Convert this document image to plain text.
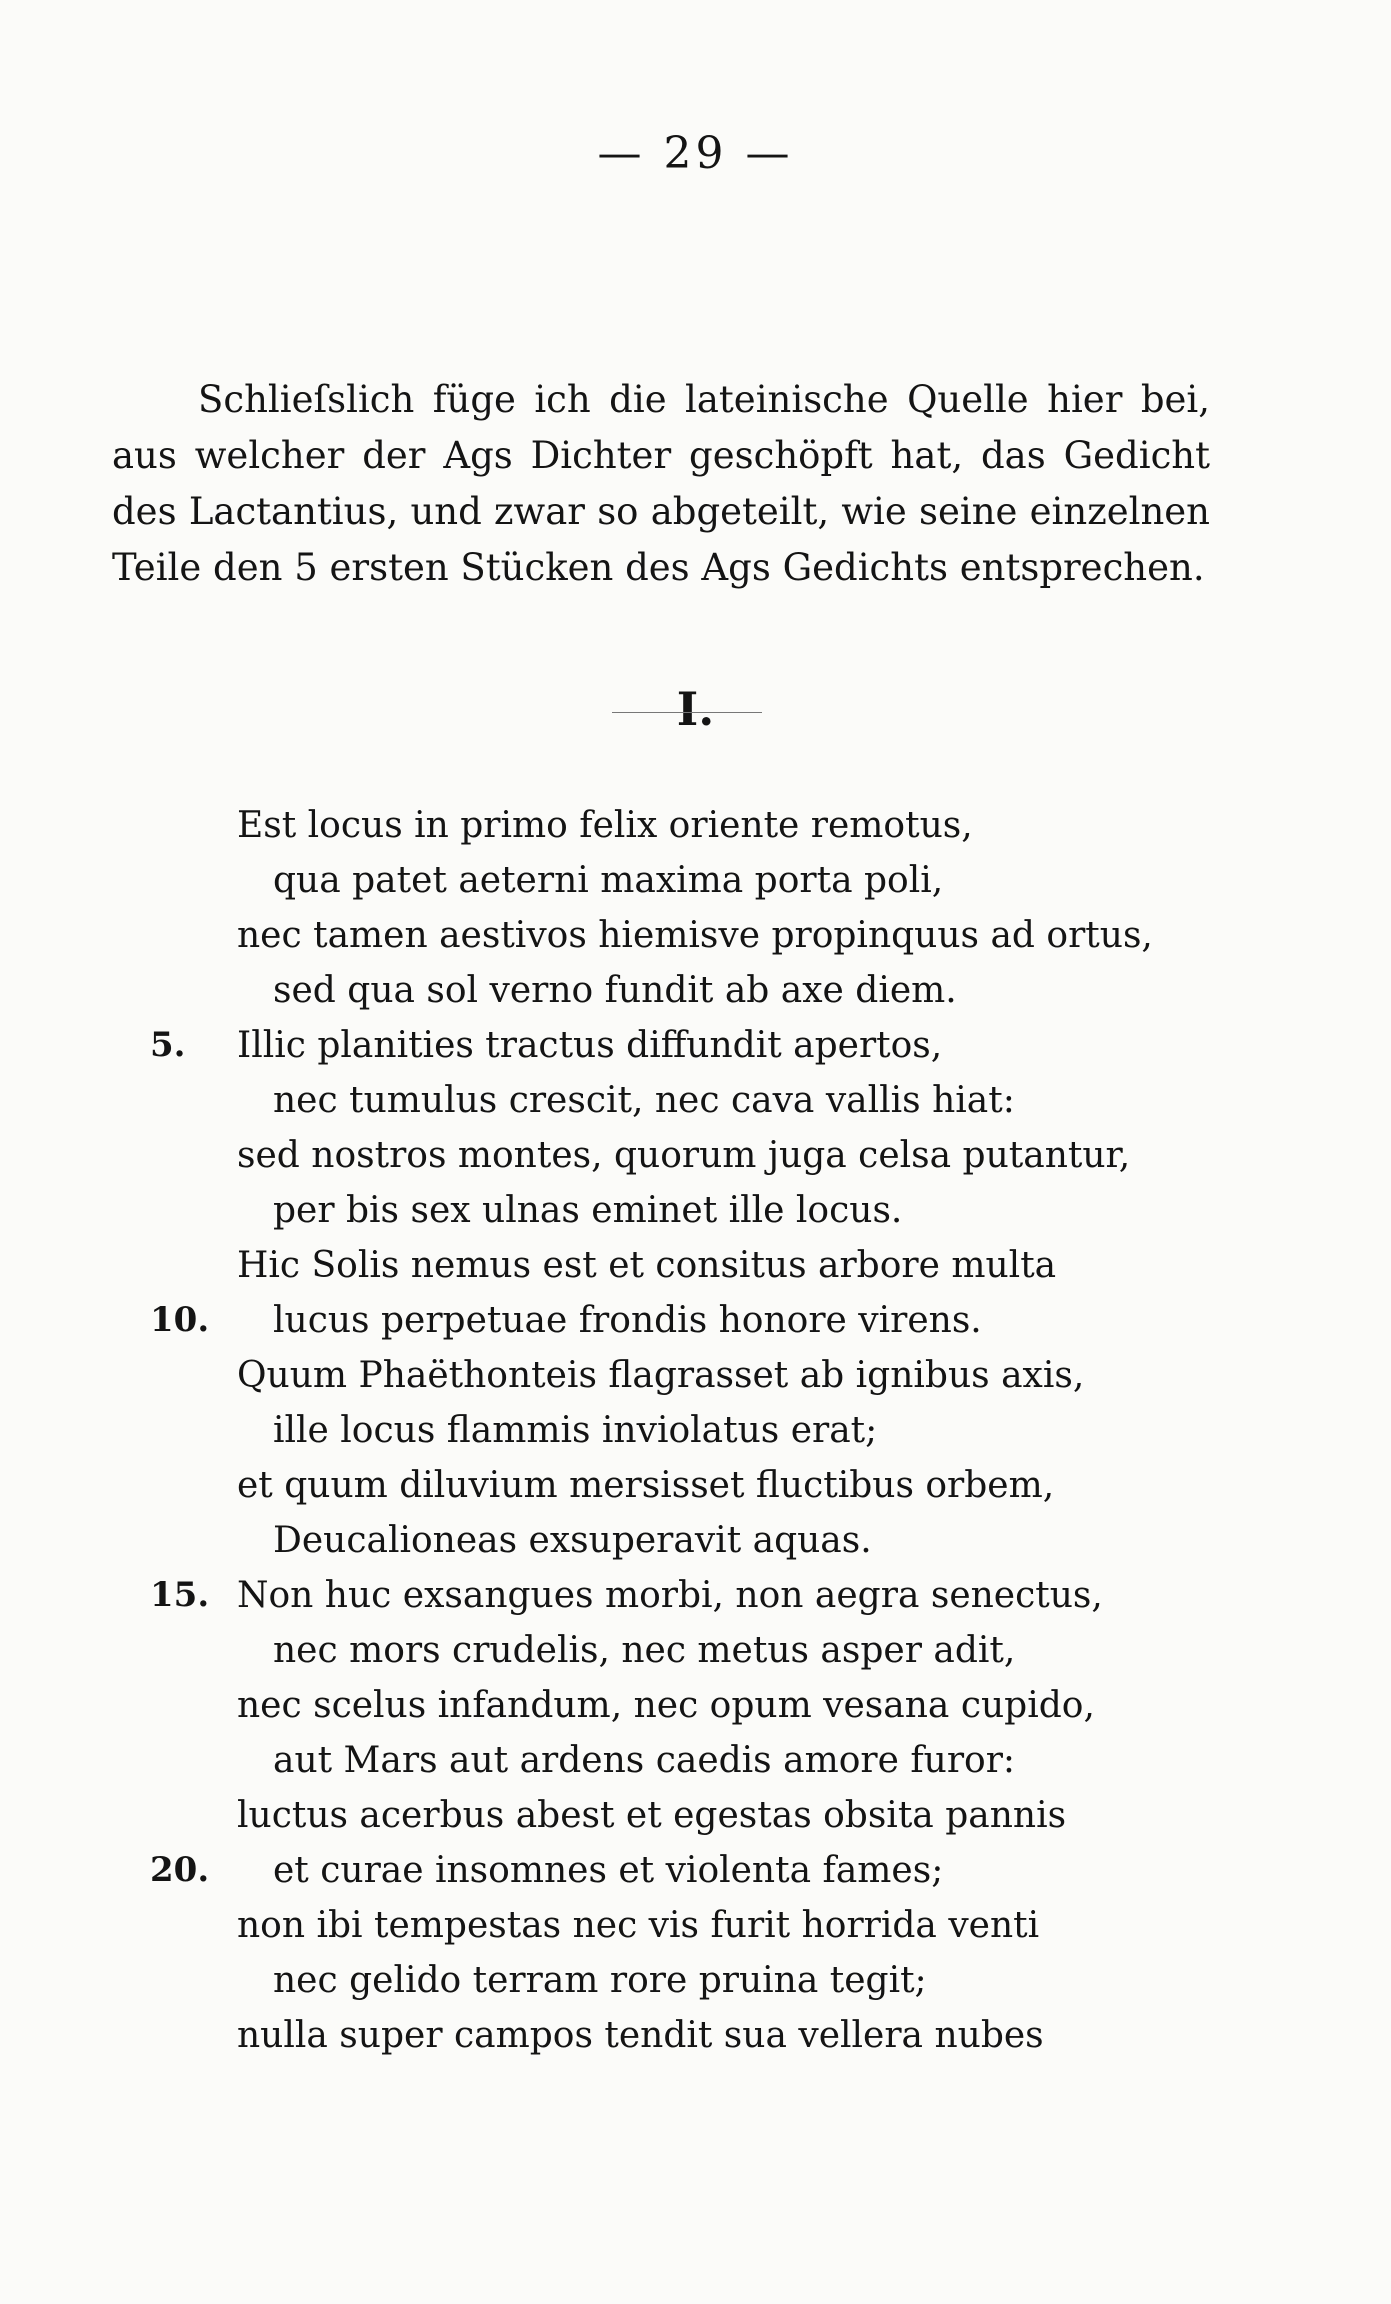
— 29 —

Schlieſslich füge ich die lateinische Quelle hier bei,

aus welcher der Ags Dichter geschöpft hat, das Gedicht

des Lactantius, und zwar so abgeteilt, wie seine einzelnen

Teile den 5 ersten Stücken des Ags Gedichts entsprechen.

I.
Est locus in primo felix oriente remotus,
qua patet aeterni maxima porta poli,
nec tamen aestivos hiemisve propinquus ad ortus,
sed qua sol verno fundit ab axe diem.
5.	Illic planities tractus diffundit apertos,
nec tumulus crescit, nec cava vallis hiat:
sed nostros montes, quorum juga celsa putantur,
per bis sex ulnas eminet ille locus.
Hic Solis nemus est et consitus arbore multa
10. lucus perpetuae frondis honore virens.
Quum Phaëthonteis flagrasset ab ignibus axis,
ille locus flammis inviolatus erat;
et quum diluvium mersisset fluctibus orbem,
Deucalioneas exsuperavit aquas.
15. Non huc exsangues morbi, non aegra senectus,
nec mors crudelis, nec metus asper adit,
nec scelus infandum, nec opum vesana cupido,
aut Mars aut ardens caedis amore furor:
luctus acerbus abest et egestas obsita pannis
20. et curae insomnes et violenta fames;
non ibi tempestas nec vis furit horrida venti
nec gelido terram rore pruina tegit;
nulla super campos tendit sua vellera nubes
